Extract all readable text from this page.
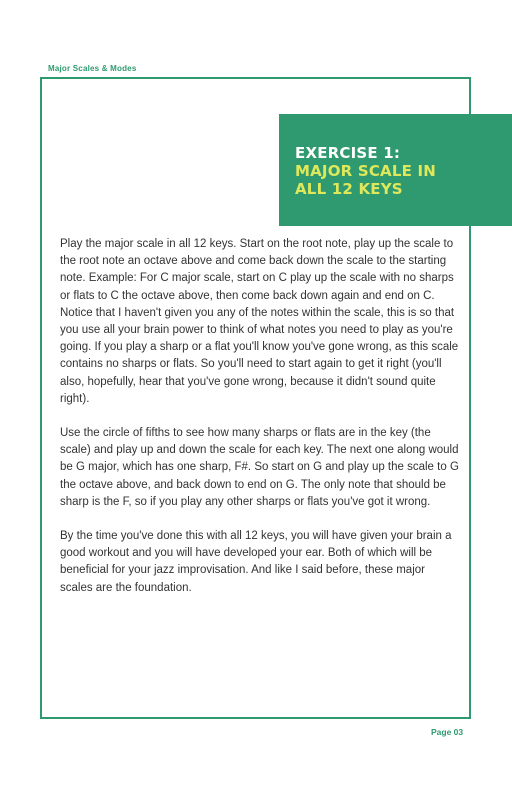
Major Scales & Modes
EXERCISE 1:
MAJOR SCALE IN
ALL 12 KEYS

Play the major scale in all 12 keys. Start on the root note, play up the scale to the root note an octave above and come back down the scale to the starting note. Example: For C major scale, start on C play up the scale with no sharps or flats to C the octave above, then come back down again and end on C. Notice that I haven't given you any of the notes within the scale, this is so that you use all your brain power to think of what notes you need to play as you're going. If you play a sharp or a flat you'll know you've gone wrong, as this scale contains no sharps or flats. So you'll need to start again to get it right (you'll also, hopefully, hear that you've gone wrong, because it didn't sound quite right).

Use the circle of fifths to see how many sharps or flats are in the key (the scale) and play up and down the scale for each key. The next one along would be G major, which has one sharp, F#. So start on G and play up the scale to G the octave above, and back down to end on G. The only note that should be sharp is the F, so if you play any other sharps or flats you've got it wrong.

By the time you've done this with all 12 keys, you will have given your brain a good workout and you will have developed your ear. Both of which will be beneficial for your jazz improvisation. And like I said before, these major scales are the foundation.

Page 03
